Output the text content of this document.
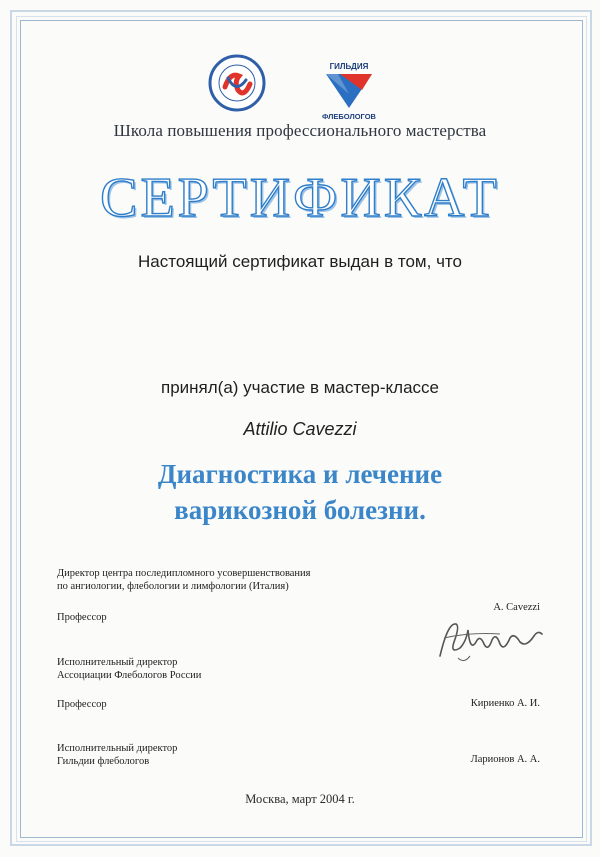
ГИЛЬДИЯ
ФЛЕБОЛОГОВ
Школа повышения профессионального мастерства
СЕРТИФИКАТ
Настоящий сертификат выдан в том, что
принял(а) участие в мастер-классе
Attilio Cavezzi
Диагностика и лечение
варикозной болезни.
Директор центра последипломного усовершенствования
по ангиологии, флебологии и лимфологии (Италия)
Профессор
A. Cavezzi
Исполнительный директор
Ассоциации Флебологов России
Профессор	Кириенко А. И.
Исполнительный директор
Гильдии флебологов	Ларионов А. А.
Москва, март 2004 г.
